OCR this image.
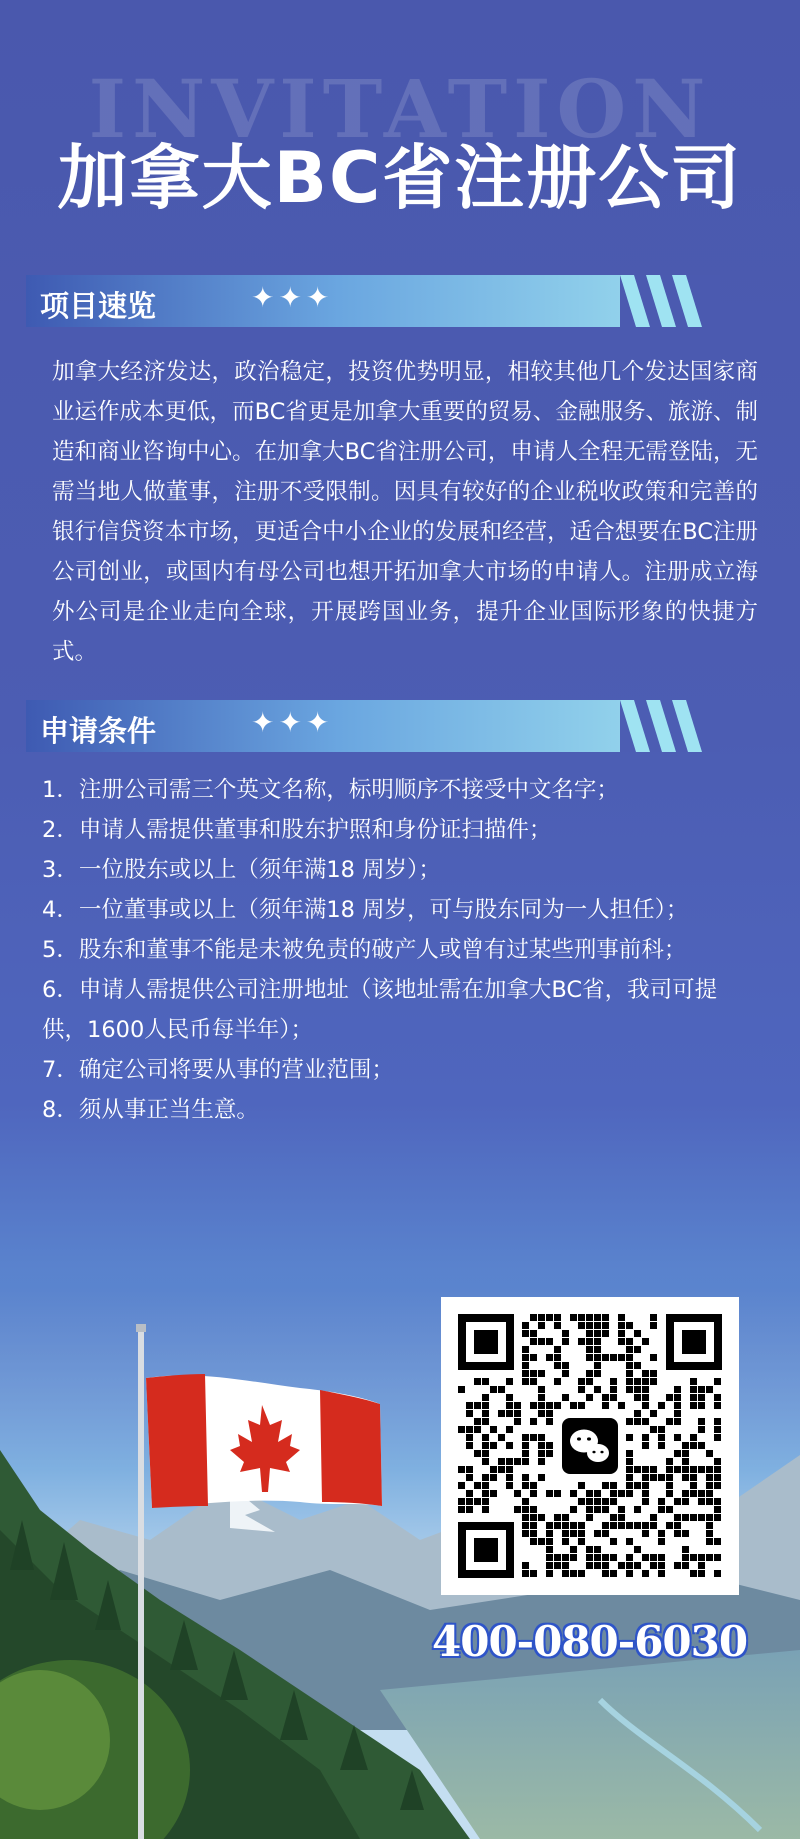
INVITATION
加拿大BC省注册公司
项目速览	✦✦✦
加拿大经济发达，政治稳定，投资优势明显，相较其他几个发达国家商业运作成本更低，而BC省更是加拿大重要的贸易、金融服务、旅游、制造和商业咨询中心。在加拿大BC省注册公司，申请人全程无需登陆，无需当地人做董事，注册不受限制。因具有较好的企业税收政策和完善的银行信贷资本市场，更适合中小企业的发展和经营，适合想要在BC注册公司创业，或国内有母公司也想开拓加拿大市场的申请人。注册成立海外公司是企业走向全球，开展跨国业务，提升企业国际形象的快捷方式。
申请条件	✦✦✦
1．注册公司需三个英文名称，标明顺序不接受中文名字；
2．申请人需提供董事和股东护照和身份证扫描件；
3．一位股东或以上（须年满18 周岁）；
4．一位董事或以上（须年满18 周岁，可与股东同为一人担任）；
5．股东和董事不能是未被免责的破产人或曾有过某些刑事前科；
6．申请人需提供公司注册地址（该地址需在加拿大BC省，我司可提供，1600人民币每半年）；
7．确定公司将要从事的营业范围；
8．须从事正当生意。
400-080-6030
